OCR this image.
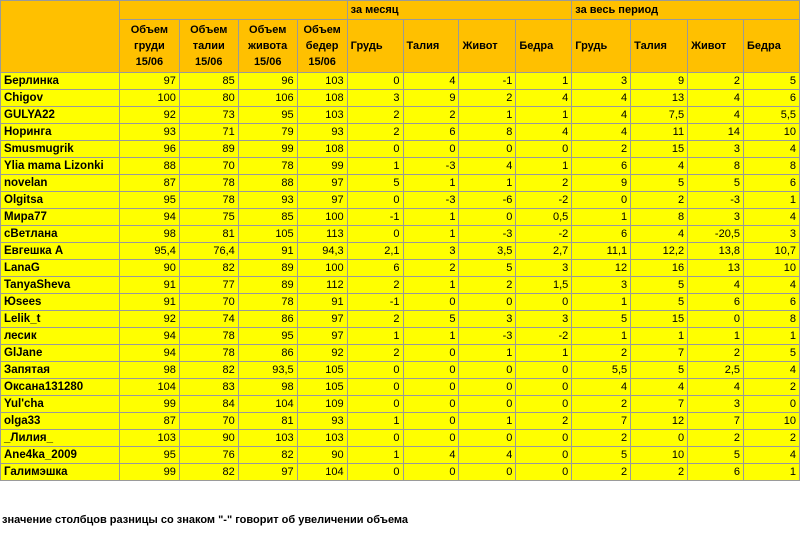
					за месяц				за весь период			
	Объем груди 15/06	Объем талии 15/06	Объем живота 15/06	Объем бедер 15/06	Грудь	Талия	Живот	Бедра	Грудь	Талия	Живот	Бедра
Берлинка	97	85	96	103	0	4	-1	1	3	9	2	5
Chigov	100	80	106	108	3	9	2	4	4	13	4	6
GULYA22	92	73	95	103	2	2	1	1	4	7,5	4	5,5
Норинга	93	71	79	93	2	6	8	4	4	11	14	10
Smusmugrik	96	89	99	108	0	0	0	0	2	15	3	4
Ylia mama Lizonki	88	70	78	99	1	-3	4	1	6	4	8	8
novelan	87	78	88	97	5	1	1	2	9	5	5	6
Olgitsa	95	78	93	97	0	-3	-6	-2	0	2	-3	1
Мира77	94	75	85	100	-1	1	0	0,5	1	8	3	4
сВетлана	98	81	105	113	0	1	-3	-2	6	4	-20,5	3
Евгешка А	95,4	76,4	91	94,3	2,1	3	3,5	2,7	11,1	12,2	13,8	10,7
LanaG	90	82	89	100	6	2	5	3	12	16	13	10
TanyaSheva	91	77	89	112	2	1	2	1,5	3	5	4	4
Юsees	91	70	78	91	-1	0	0	0	1	5	6	6
Lelik_t	92	74	86	97	2	5	3	3	5	15	0	8
лесик	94	78	95	97	1	1	-3	-2	1	1	1	1
GlJane	94	78	86	92	2	0	1	1	2	7	2	5
Запятая	98	82	93,5	105	0	0	0	0	5,5	5	2,5	4
Оксана131280	104	83	98	105	0	0	0	0	4	4	4	2
Yul'cha	99	84	104	109	0	0	0	0	2	7	3	0
olga33	87	70	81	93	1	0	1	2	7	12	7	10
_Лилия_	103	90	103	103	0	0	0	0	2	0	2	2
Ane4ka_2009	95	76	82	90	1	4	4	0	5	10	5	4
Галимэшка	99	82	97	104	0	0	0	0	2	2	6	1
значение столбцов разницы со знаком "-" говорит об увеличении объема
